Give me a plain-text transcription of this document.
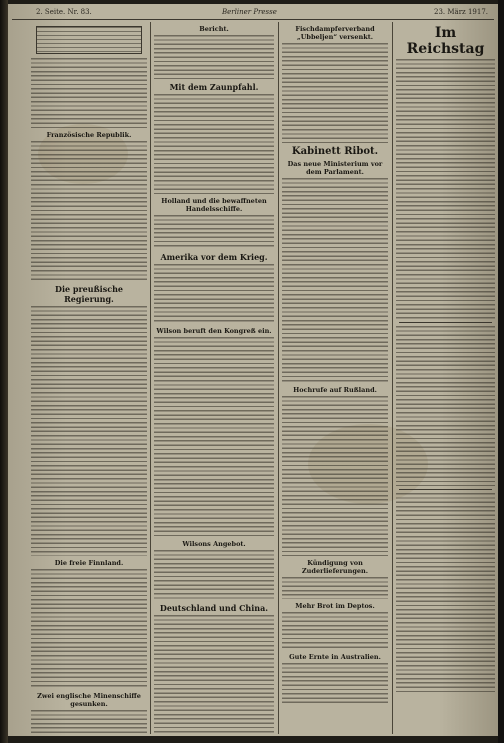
2. Seite. Nr. 83.	Berliner Presse	23. März 1917.
Französische Republik.
Die preußische Regierung.
Die freie Finnland.
Zwei englische Minenschiffe gesunken.
Bericht.
Mit dem Zaunpfahl.
Holland und die bewaffneten Handelsschiffe.
Amerika vor dem Krieg.
Wilson beruft den Kongreß ein.
Wilsons Angebot.
Deutschland und China.
Fischdampferverband „Ubbeljen“ versenkt.
Kabinett Ribot.
Das neue Ministerium vor dem Parlament.
Hochrufe auf Rußland.
Kündigung von Zuderlieferungen.
Mehr Brot im Deptos.
Gute Ernte in Australien.
Im Reichstag
